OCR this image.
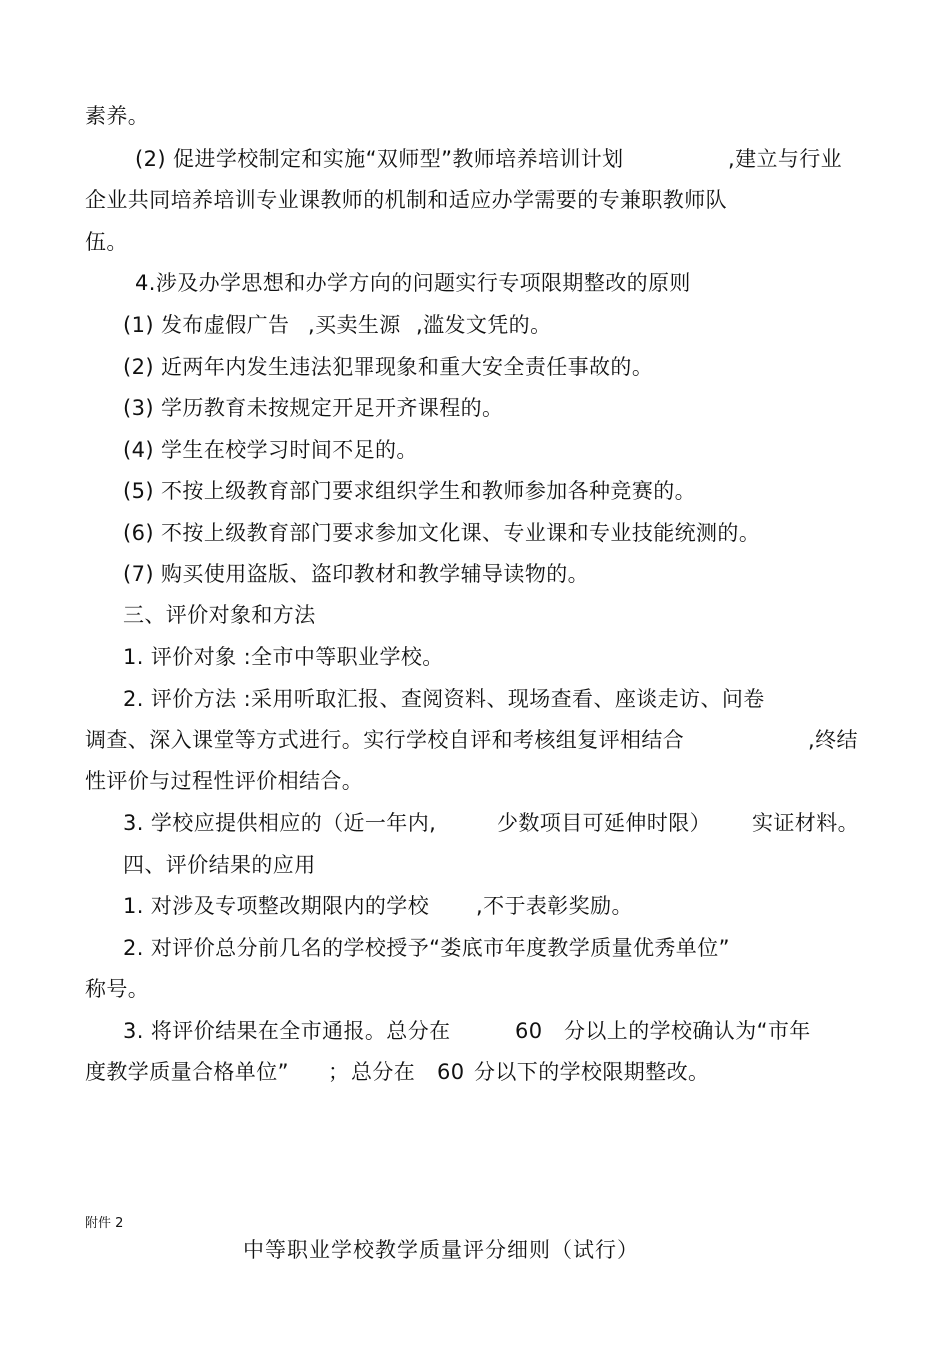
素养。
(2) 促进学校制定和实施“双师型”教师培养培训计划	,建立与行业
企业共同培养培训专业课教师的机制和适应办学需要的专兼职教师队
伍。
4.涉及办学思想和办学方向的问题实行专项限期整改的原则
(1) 发布虚假广告 ,买卖生源 ,滥发文凭的。
(2) 近两年内发生违法犯罪现象和重大安全责任事故的。
(3) 学历教育未按规定开足开齐课程的。
(4) 学生在校学习时间不足的。
(5) 不按上级教育部门要求组织学生和教师参加各种竞赛的。
(6) 不按上级教育部门要求参加文化课、专业课和专业技能统测的。
(7) 购买使用盗版、盗印教材和教学辅导读物的。
三、评价对象和方法
1. 评价对象 :全市中等职业学校。
2. 评价方法 :采用听取汇报、查阅资料、现场查看、座谈走访、问卷
调查、深入课堂等方式进行。实行学校自评和考核组复评相结合	,终结
性评价与过程性评价相结合。
3. 学校应提供相应的（近一年内,	少数项目可延伸时限） 实证材料。
四、评价结果的应用
1. 对涉及专项整改期限内的学校 ,不于表彰奖励。
2. 对评价总分前几名的学校授予“娄底市年度教学质量优秀单位”
称号。
3. 将评价结果在全市通报。总分在	60 分以上的学校确认为“市年
度教学质量合格单位” ； 总分在 60 分以下的学校限期整改。
附件 2
中等职业学校教学质量评分细则（试行）
